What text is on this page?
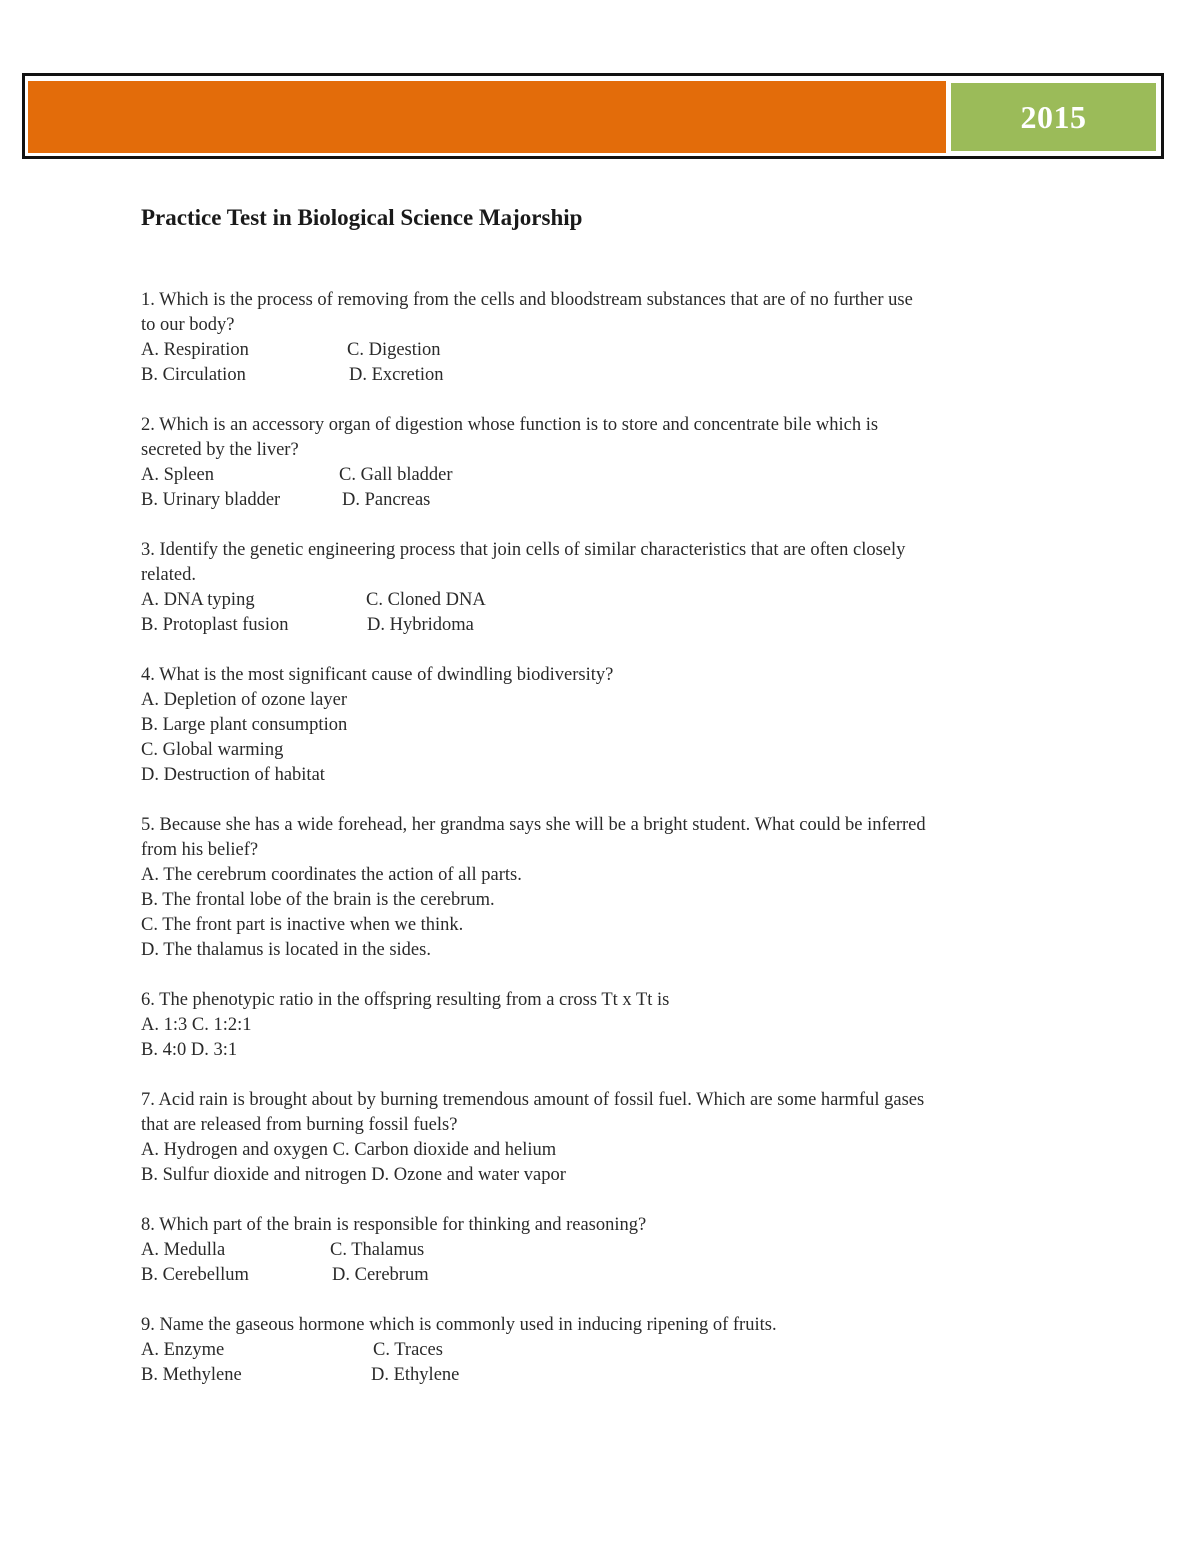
2015
Practice Test in Biological Science Majorship
1. Which is the process of removing from the cells and bloodstream substances that are of no further use
to our body?
A. Respiration	C. Digestion
B. Circulation	D. Excretion
2. Which is an accessory organ of digestion whose function is to store and concentrate bile which is
secreted by the liver?
A. Spleen	C. Gall bladder
B. Urinary bladder	D. Pancreas
3. Identify the genetic engineering process that join cells of similar characteristics that are often closely
related.
A. DNA typing	C. Cloned DNA
B. Protoplast fusion	D. Hybridoma
4. What is the most significant cause of dwindling biodiversity?
A. Depletion of ozone layer
B. Large plant consumption
C. Global warming
D. Destruction of habitat
5. Because she has a wide forehead, her grandma says she will be a bright student. What could be inferred
from his belief?
A. The cerebrum coordinates the action of all parts.
B. The frontal lobe of the brain is the cerebrum.
C. The front part is inactive when we think.
D. The thalamus is located in the sides.
6. The phenotypic ratio in the offspring resulting from a cross Tt x Tt is
A. 1:3 C. 1:2:1
B. 4:0 D. 3:1
7. Acid rain is brought about by burning tremendous amount of fossil fuel. Which are some harmful gases
that are released from burning fossil fuels?
A. Hydrogen and oxygen C. Carbon dioxide and helium
B. Sulfur dioxide and nitrogen D. Ozone and water vapor
8. Which part of the brain is responsible for thinking and reasoning?
A. Medulla	C. Thalamus
B. Cerebellum	D. Cerebrum
9. Name the gaseous hormone which is commonly used in inducing ripening of fruits.
A. Enzyme	C. Traces
B. Methylene	D. Ethylene
